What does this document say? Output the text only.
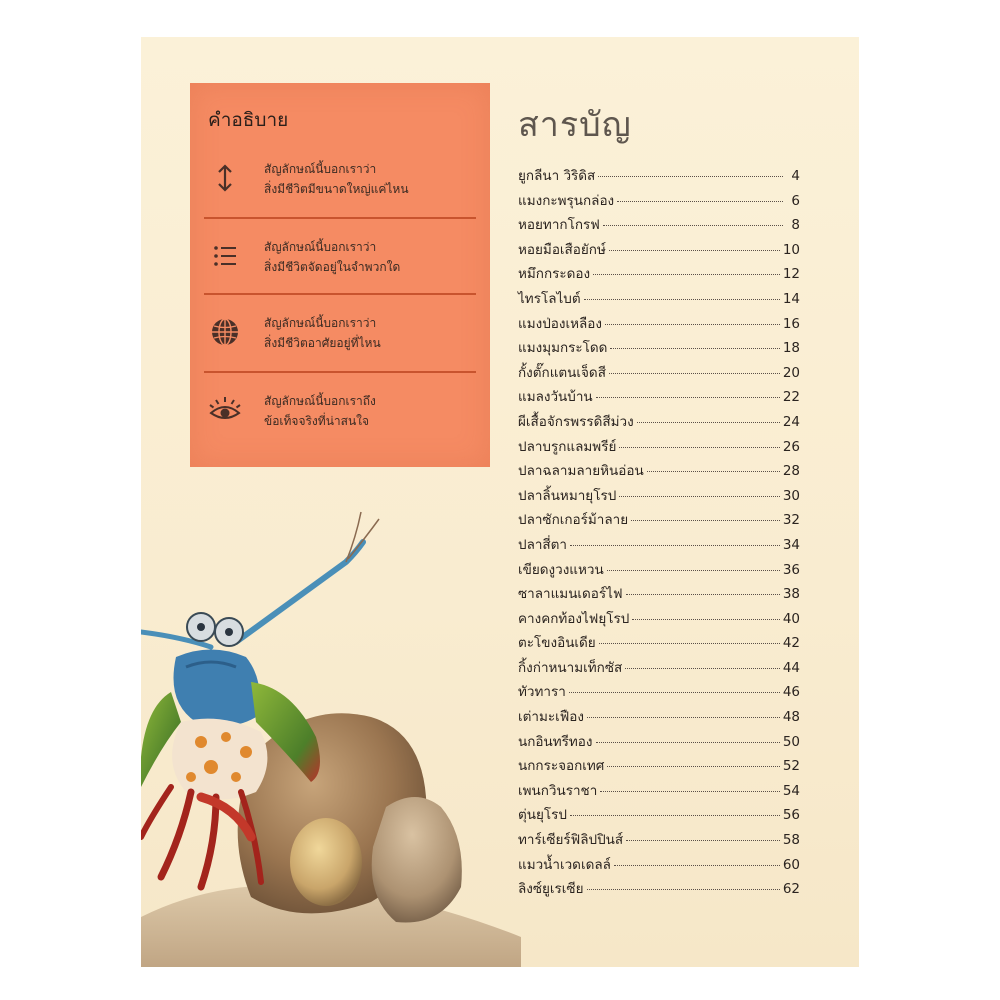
คำอธิบาย
สัญลักษณ์นี้บอกเราว่า
สิ่งมีชีวิตมีขนาดใหญ่แค่ไหน
สัญลักษณ์นี้บอกเราว่า
สิ่งมีชีวิตจัดอยู่ในจำพวกใด
สัญลักษณ์นี้บอกเราว่า
สิ่งมีชีวิตอาศัยอยู่ที่ไหน
สัญลักษณ์นี้บอกเราถึง
ข้อเท็จจริงที่น่าสนใจ
สารบัญ
ยูกลีนา วิริดิส	4
แมงกะพรุนกล่อง	6
หอยทากโกรฟ	8
หอยมือเสือยักษ์	10
หมึกกระดอง	12
ไทรโลไบต์	14
แมงป่องเหลือง	16
แมงมุมกระโดด	18
กั้งตั๊กแตนเจ็ดสี	20
แมลงวันบ้าน	22
ผีเสื้อจักรพรรดิสีม่วง	24
ปลาบรูกแลมพรีย์	26
ปลาฉลามลายหินอ่อน	28
ปลาลิ้นหมายุโรป	30
ปลาซักเกอร์ม้าลาย	32
ปลาสี่ตา	34
เขียดงูวงแหวน	36
ซาลาแมนเดอร์ไฟ	38
คางคกท้องไฟยุโรป	40
ตะโขงอินเดีย	42
กิ้งก่าหนามเท็กซัส	44
ทัวทารา	46
เต่ามะเฟือง	48
นกอินทรีทอง	50
นกกระจอกเทศ	52
เพนกวินราชา	54
ตุ่นยุโรป	56
ทาร์เซียร์ฟิลิปปินส์	58
แมวน้ำเวดเดลล์	60
ลิงซ์ยูเรเซีย	62
